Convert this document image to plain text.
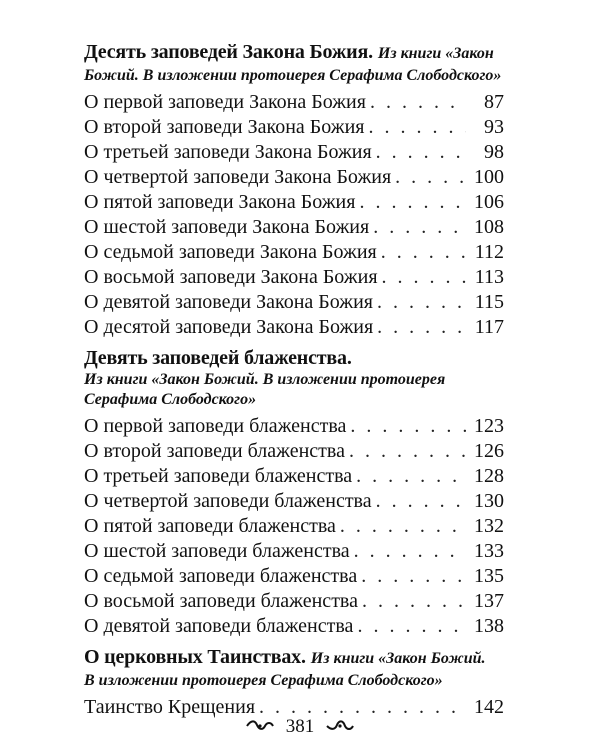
Десять заповедей Закона Божия. Из книги «Закон

Божий. В изложении протоиерея Серафима Слободского»

О первой заповеди Закона Божия . . .	87
О второй заповеди Закона Божия . . .	93
О третьей заповеди Закона Божия . . .	98
О четвертой заповеди Закона Божия . . .	100
О пятой заповеди Закона Божия . . .	106
О шестой заповеди Закона Божия . . .	108
О седьмой заповеди Закона Божия . . .	112
О восьмой заповеди Закона Божия . . .	113
О девятой заповеди Закона Божия . . .	115
О десятой заповеди Закона Божия . . .	117

Девять заповедей блаженства.

Из книги «Закон Божий. В изложении протоиерея

Серафима Слободского»

О первой заповеди блаженства . . .	123
О второй заповеди блаженства . . .	126
О третьей заповеди блаженства . . .	128
О четвертой заповеди блаженства . . .	130
О пятой заповеди блаженства . . .	132
О шестой заповеди блаженства . . .	133
О седьмой заповеди блаженства . . .	135
О восьмой заповеди блаженства . . .	137
О девятой заповеди блаженства . . .	138

О церковных Таинствах. Из книги «Закон Божий.

В изложении протоиерея Серафима Слободского»

Таинство Крещения . . .	142
381
